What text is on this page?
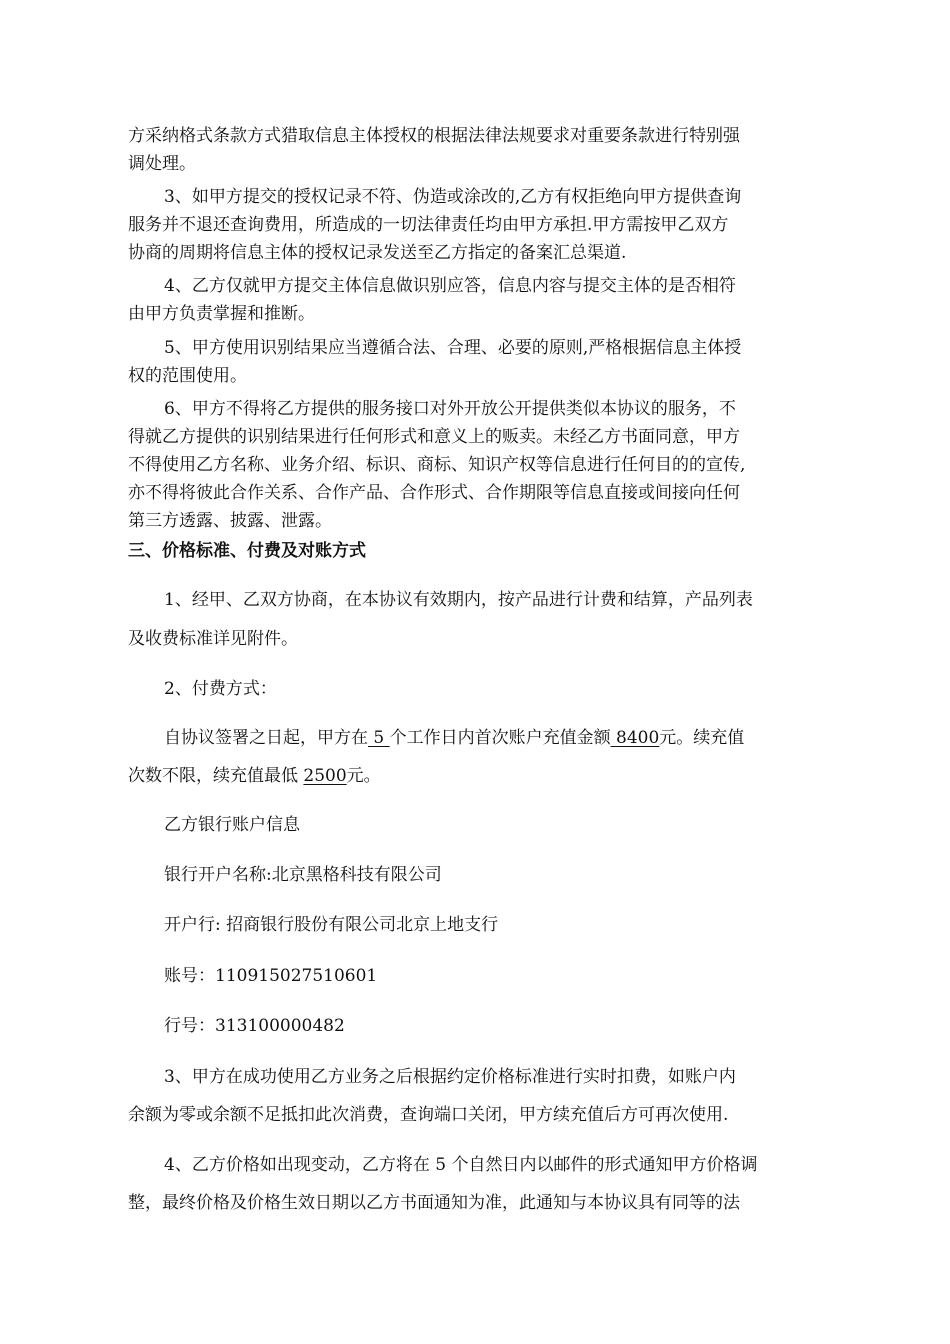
方采纳格式条款方式猎取信息主体授权的根据法律法规要求对重要条款进行特别强
调处理。
3、如甲方提交的授权记录不符、伪造或涂改的,乙方有权拒绝向甲方提供查询
服务并不退还查询费用，所造成的一切法律责任均由甲方承担.甲方需按甲乙双方
协商的周期将信息主体的授权记录发送至乙方指定的备案汇总渠道.
4、乙方仅就甲方提交主体信息做识别应答，信息内容与提交主体的是否相符
由甲方负责掌握和推断。
5、甲方使用识别结果应当遵循合法、合理、必要的原则,严格根据信息主体授
权的范围使用。
6、甲方不得将乙方提供的服务接口对外开放公开提供类似本协议的服务，不
得就乙方提供的识别结果进行任何形式和意义上的贩卖。未经乙方书面同意，甲方
不得使用乙方名称、业务介绍、标识、商标、知识产权等信息进行任何目的的宣传,
亦不得将彼此合作关系、合作产品、合作形式、合作期限等信息直接或间接向任何
第三方透露、披露、泄露。
三、价格标准、付费及对账方式
1、经甲、乙双方协商，在本协议有效期内，按产品进行计费和结算，产品列表
及收费标准详见附件。
2、付费方式：
自协议签署之日起，甲方在 5 个工作日内首次账户充值金额 8400元。续充值
次数不限，续充值最低 2500元。
乙方银行账户信息
银行开户名称:北京黑格科技有限公司
开户行: 招商银行股份有限公司北京上地支行
账号：110915027510601
行号：313100000482
3、甲方在成功使用乙方业务之后根据约定价格标准进行实时扣费，如账户内
余额为零或余额不足抵扣此次消费，查询端口关闭，甲方续充值后方可再次使用.
4、乙方价格如出现变动，乙方将在 5 个自然日内以邮件的形式通知甲方价格调
整，最终价格及价格生效日期以乙方书面通知为准，此通知与本协议具有同等的法
